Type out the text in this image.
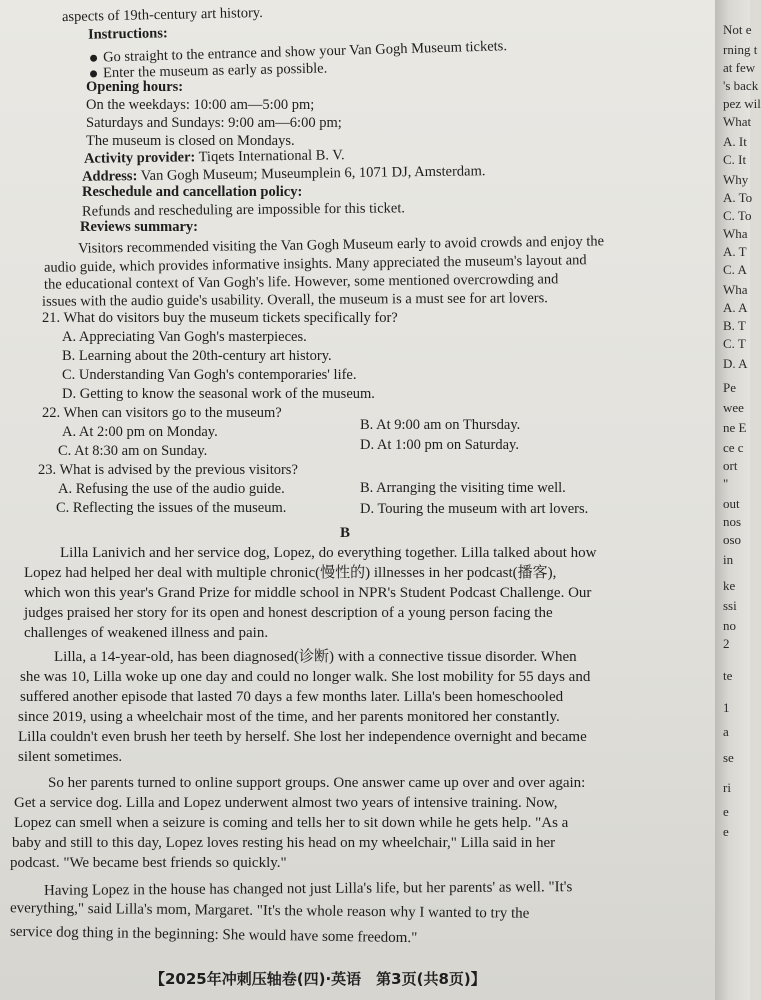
aspects of 19th-century art history.
Instructions:
Go straight to the entrance and show your Van Gogh Museum tickets.
Enter the museum as early as possible.
Opening hours:
On the weekdays: 10:00 am—5:00 pm;
Saturdays and Sundays: 9:00 am—6:00 pm;
The museum is closed on Mondays.
Activity provider: Tiqets International B. V.
Address: Van Gogh Museum; Museumplein 6, 1071 DJ, Amsterdam.
Reschedule and cancellation policy:
Refunds and rescheduling are impossible for this ticket.
Reviews summary:
Visitors recommended visiting the Van Gogh Museum early to avoid crowds and enjoy the
audio guide, which provides informative insights. Many appreciated the museum's layout and
the educational context of Van Gogh's life. However, some mentioned overcrowding and
issues with the audio guide's usability. Overall, the museum is a must see for art lovers.
21. What do visitors buy the museum tickets specifically for?
A. Appreciating Van Gogh's masterpieces.
B. Learning about the 20th-century art history.
C. Understanding Van Gogh's contemporaries' life.
D. Getting to know the seasonal work of the museum.
22. When can visitors go to the museum?
A. At 2:00 pm on Monday.	B. At 9:00 am on Thursday.
C. At 8:30 am on Sunday.	D. At 1:00 pm on Saturday.
23. What is advised by the previous visitors?
A. Refusing the use of the audio guide.	B. Arranging the visiting time well.
C. Reflecting the issues of the museum.	D. Touring the museum with art lovers.
B
Lilla Lanivich and her service dog, Lopez, do everything together. Lilla talked about how
Lopez had helped her deal with multiple chronic(慢性的) illnesses in her podcast(播客),
which won this year's Grand Prize for middle school in NPR's Student Podcast Challenge. Our
judges praised her story for its open and honest description of a young person facing the
challenges of weakened illness and pain.
Lilla, a 14-year-old, has been diagnosed(诊断) with a connective tissue disorder. When
she was 10, Lilla woke up one day and could no longer walk. She lost mobility for 55 days and
suffered another episode that lasted 70 days a few months later. Lilla's been homeschooled
since 2019, using a wheelchair most of the time, and her parents monitored her constantly.
Lilla couldn't even brush her teeth by herself. She lost her independence overnight and became
silent sometimes.
So her parents turned to online support groups. One answer came up over and over again:
Get a service dog. Lilla and Lopez underwent almost two years of intensive training. Now,
Lopez can smell when a seizure is coming and tells her to sit down while he gets help. "As a
baby and still to this day, Lopez loves resting his head on my wheelchair," Lilla said in her
podcast. "We became best friends so quickly."
Having Lopez in the house has changed not just Lilla's life, but her parents' as well. "It's
everything," said Lilla's mom, Margaret. "It's the whole reason why I wanted to try the
service dog thing in the beginning: She would have some freedom."
【2025年冲刺压轴卷(四)·英语　第3页(共8页)】
Not e
rning t
at few
's back
pez wil
What
A. It
C. It
Why
A. To
C. To
Wha
A. T
C. A
Wha
A. A
B. T
C. T
D. A
Pe
wee
ne E
ce c
ort
"
out
nos
oso
in
ke
ssi
no
2
te
1
a
se
ri
e
e
